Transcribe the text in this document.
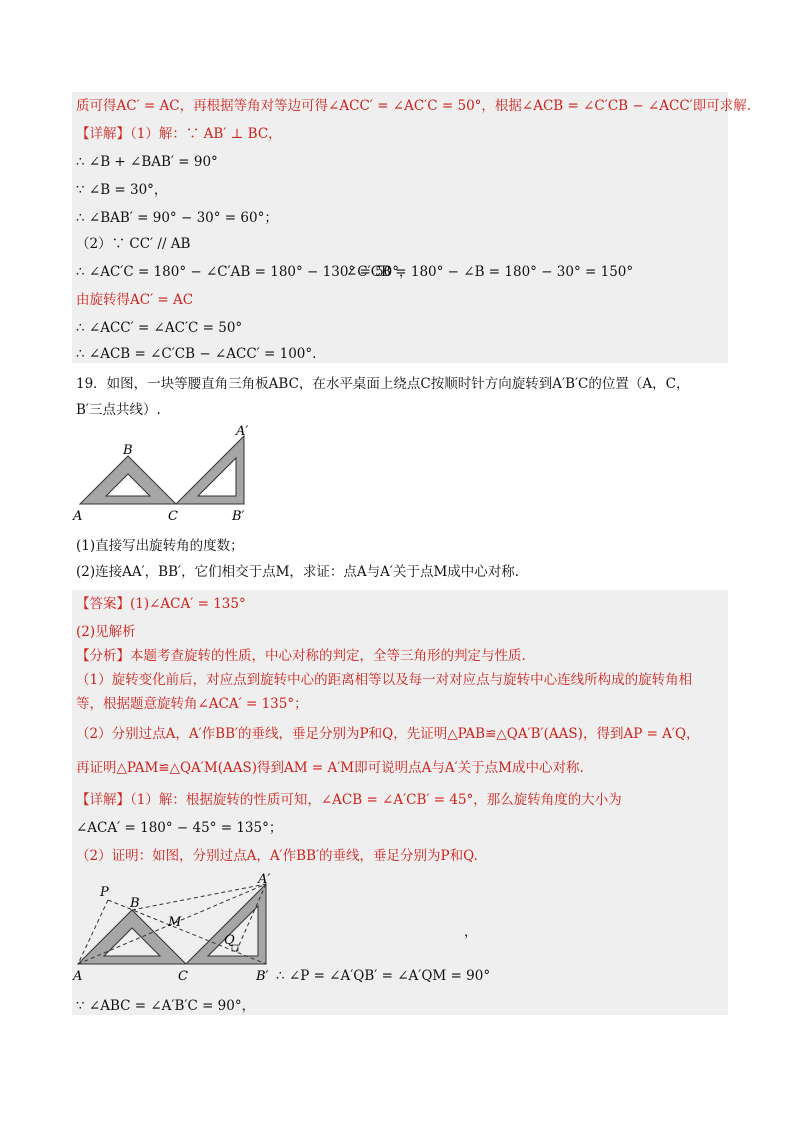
质可得AC′ = AC，再根据等角对等边可得∠ACC′ = ∠AC′C = 50°，根据∠ACB = ∠C′CB − ∠ACC′即可求解.
【详解】（1）解：∵ AB′ ⊥ BC，
∴ ∠B + ∠BAB′ = 90°
∵ ∠B = 30°，
∴ ∠BAB′ = 90° − 30° = 60°；
（2）∵ CC′ // AB
∴ ∠AC′C = 180° − ∠C′AB = 180° − 130° = 50°，
∠C′CB = 180° − ∠B = 180° − 30° = 150°
由旋转得AC′ = AC
∴ ∠ACC′ = ∠AC′C = 50°
∴ ∠ACB = ∠C′CB − ∠ACC′ = 100°.
19．如图，一块等腰直角三角板ABC，在水平桌面上绕点C按顺时针方向旋转到A′B′C的位置（A，C，
B′三点共线）.
B
A′
A	C	B′
(1)直接写出旋转角的度数；
(2)连接AA′，BB′，它们相交于点M，求证：点A与A′关于点M成中心对称.
【答案】(1)∠ACA′ = 135°
(2)见解析
【分析】本题考查旋转的性质，中心对称的判定，全等三角形的判定与性质.
（1）旋转变化前后，对应点到旋转中心的距离相等以及每一对对应点与旋转中心连线所构成的旋转角相
等，根据题意旋转角∠ACA′ = 135°；
（2）分别过点A，A′作BB′的垂线，垂足分别为P和Q，先证明△PAB≌△QA′B′(AAS)，得到AP = A′Q，
再证明△PAM≌△QA′M(AAS)得到AM = A′M即可说明点A与A′关于点M成中心对称.
【详解】（1）解：根据旋转的性质可知，∠ACB = ∠A′CB′ = 45°，那么旋转角度的大小为
∠ACA′ = 180° − 45° = 135°；
（2）证明：如图，分别过点A，A′作BB′的垂线，垂足分别为P和Q.
P
B
M
A′
Q
A	C	B′
，
∴ ∠P = ∠A′QB′ = ∠A′QM = 90°
∵ ∠ABC = ∠A′B′C = 90°，
